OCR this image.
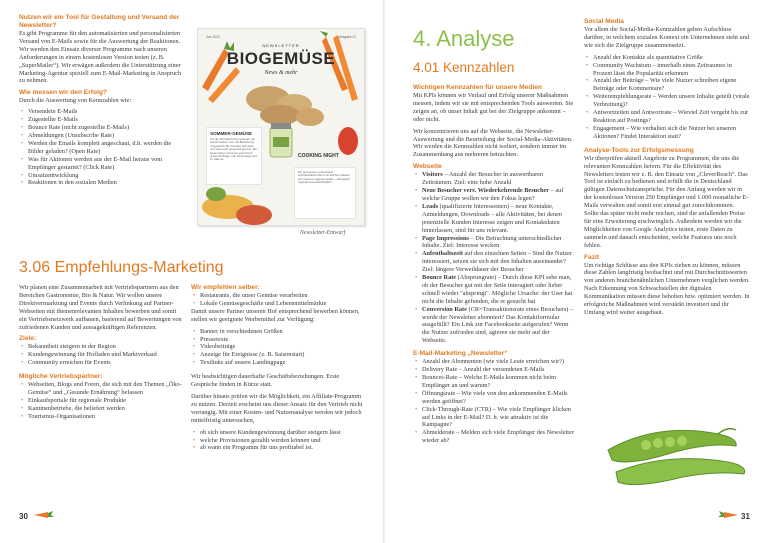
Nutzen wir ein Tool für Gestaltung und Versand der Newsletter?
Es gibt Programme für den automatisierten und personalisierten Versand von E-Mails sowie für die Auswertung der Reaktionen. Wir werden den Einsatz diverser Programme nach unseren Anforderungen in einem kostenlosen Version testen (z. B. „SuperMailer“). Wir erwägen außerdem die Unterstützung einer Marketing-Agentur speziell zum E-Mail-Marketing in Anspruch zu nehmen.
Wie messen wir den Erfolg?
Durch die Auswertung von Kennzahlen wie:
• Versendete E-Mails
• Zugestellte E-Mails
• Bounce Rate (nicht zugestellte E-Mails)
• Abmeldungen (Unsubscribe Rate)
• Werden die Emails komplett angeschaut, d.h. werden die Bilder geladen? (Open Rate)
• Was für Aktionen werden aus der E-Mail heraus vom Empfänger gestartet? (Click Rate)
• Umsatzentwicklung
• Reaktionen in den sozialen Medien
Juni 2022	Ausgabe 01
NEWSLETTER
BIOGEMÜSE
News & mehr
SOMMER-GEMÜSE
Für die schnelle Küche schauen, als Geschmacken oder auf Bewahrung. Umgesetzte Bio Gemüse schmeckt und steht auch ausgefeilt gut aus. Wir bieten diesen Sommer ganz frisch unsere Erzfolge- und Sommergemüse im Glas an.
COOKING NIGHT
Ein gemeinsam zubereitetes schmackhaftes Menü mit frischen Zutaten aus unserem eigenen Anbau – ökologisch, regional und erschwinglich!
Newsletter-Entwurf
3.06 Empfehlungs-Marketing
Wir planen eine Zusammenarbeit mit Vertriebspartnern aus den Bereichen Gastronomie, Bio & Natur. Wir wollen unsere Direktvermarktung und Events durch Verlinkung auf Partner-Webseiten mit themenrelevanten Inhalten bewerben und somit ein Vertriebsnetzwerk aufbauen, basierend auf Bewertungen von zufriedenen Kunden und aussagekräftigen Referenzen.
Ziele:
• Bekanntheit steigern in der Region
• Kundengewinnung für Hofladen und Marktverkauf
• Community erreichen für Events
Mögliche Vertriebspartner:
• Webseiten, Blogs und Foren, die sich mit den Themen „Öko-Gemüse“ und „Gesunde Ernährung“ befassen
• Einkaufsportale für regionale Produkte
• Kantinenbetriebe, die beliefert werden
• Tourismus-Organisationen
Wir empfehlen selber:
• Restaurants, die unser Gemüse verarbeiten
• Lokale Gemüsegeschäfte und Lebensmittelmärkte
Damit unsere Partner unseren Hof entsprechend bewerben können, stellen wir geeignete Werbemittel zur Verfügung:
• Banner in verschiedenen Größen
• Pressetexte
• Videobeiträge
• Anzeige für Ereignisse (z. B. Saisonstart)
• Textlinks auf unsere Landingpage
Wir beabsichtigen dauerhafte Geschäftsbeziehungen. Erste Gespräche finden in Kürze statt.
Darüber hinaus prüfen wir die Möglichkeit, ein Affiliate-Programm zu nutzen. Derzeit erscheint uns dieser Ansatz für den Vertrieb nicht vorrangig. Mit einer Kosten- und Nutzenanalyse werden wir jedoch mittelfristig untersuchen,
• ob sich unsere Kundengewinnung darüber steigern lässt
• welche Provisionen gezahlt werden können und
• ab wann ein Programm für uns profitabel ist.
30
4. Analyse
4.01 Kennzahlen
Wichtigen Kennzahlen für unsere Medien
Mit KPIs können wir Verlauf und Erfolg unserer Maßnahmen messen, indem wir sie mit entsprechenden Tools auswerten. Sie zeigen an, ob unser Inhalt gut bei der Zielgruppe ankommt – oder nicht.
Wir konzentrieren uns auf die Webseite, die Newsletter-Auswertung und die Beurteilung der Social-Media-Aktivitäten. Wir werden die Kennzahlen nicht isoliert, sondern immer im Zusammenhang aus mehreren betrachten.
Webseite
• Visitors – Anzahl der Besucher in auswertbaren Zeiträumen. Ziel: eine hohe Anzahl
• Neue Besucher vers. Wiederkehrende Besucher – auf welche Gruppe wollen wir den Fokus legen?
• Leads (qualifizierte Interessenten) – neue Kontakte, Anmeldungen, Downloads – alle Aktivitäten, bei denen potenzielle Kunden Interesse zeigen und Kontaktdaten hinterlassen, sind für uns relevant.
• Page Impressions – Die Betrachtung unterschiedlicher Inhalte. Ziel: Interesse wecken
• Aufenthaltszeit auf den einzelnen Seiten – Sind die Nutzer interessiert, setzen sie sich mit den Inhalten auseinander? Ziel: längere Verweildauer der Besucher
• Bounce Rate (Absprungrate) – Durch diese KPI sehe man, ob der Besucher gut mit der Seite interagiert oder lieber schnell wieder "abspringt". Mögliche Ursache: der User hat nicht die Inhalte gefunden, die er gesucht hat
• Conversion Rate (CR=Transaktionsrate eines Besuchers) – wurde der Newsletter abonniert? Das Kontaktformular ausgefüllt? Ein Link zur Facebookseite aufgerufen? Wenn die Nutzer zufrieden sind, agieren sie mehr auf der Webseite.
E-Mail-Marketing „Newsletter“
• Anzahl der Abonnenten (wie viele Leute erreichen wir?)
• Delivery Rate – Anzahl der versendeten E-Mails
• Bounces-Rate – Welche E-Mails kommen nicht beim Empfänger an und warum?
• Öffnungsrate – Wie viele von den ankommenden E-Mails werden geöffnet?
• Click-Through-Rate (CTR) – Wie viele Empfänger klicken auf Links in der E-Mail? D. h. wie attraktiv ist die Kampagne?
• Abmelderate – Melden sich viele Empfänger des Newsletter wieder ab?
Social Media
Vor allem die Social-Media-Kennzahlen geben Aufschluss darüber, in welchem sozialen Kontext ein Unternehmen steht und wie sich die Zielgruppe zusammensetzt.
• Anzahl der Kontakte als quantitative Größe
• Community Wachstum – innerhalb eines Zeitraumes in Prozent lässt die Popularität erkennen
• Anzahl der Beiträge – Wie viele Nutzer schreiben eigene Beiträge oder Kommentare?
• Weiterempfehlungsrate – Werden unsere Inhalte geteilt (virale Verbreitung)?
• Antwortzeiten und Antwortrate – Wieviel Zeit vergeht bis zur Reaktion auf Postings?
• Engagement – Wie verhalten sich die Nutzer bei unseren Aktionen? Findet Interaktion statt?
Analyse-Tools zur Erfolgsmessung
Wir überprüfen aktuell Angebote zu Programmen, die uns die relevanten Kennzahlen liefern. Für die Effektivität des Newsletters testen wir z. B. den Einsatz von „CleverReach“. Das Tool ist einfach zu bedienen und erfüllt die in Deutschland gültigen Datenschutzansprüche. Für den Anfang werden wir in der kostenlosen Version 250 Empfänger und 1.000 monatliche E-Mails verwalten und somit erst einmal gut zurechtkommen. Sollte das später nicht mehr reichen, sind die anfallenden Preise für eine Erweiterung erschwinglich. Außerdem werden wir die Möglichkeiten von Google Analytics testen, erste Daten zu sammeln und danach entscheiden, welche Features uns noch fehlen.
Fazit
Um richtige Schlüsse aus den KPIs ziehen zu können, müssen diese Zahlen langfristig beobachtet und mit Durchschnittswerten von anderen branchenähnlichen Unternehmen verglichen werden. Nach Erkennung von Schwachstellen der digitalen Kommunikation müssen diese behoben bzw. optimiert werden. In erfolgreiche Maßnahmen wird verstärkt investiert und ihr Umfang wird weiter ausgebaut.
31
